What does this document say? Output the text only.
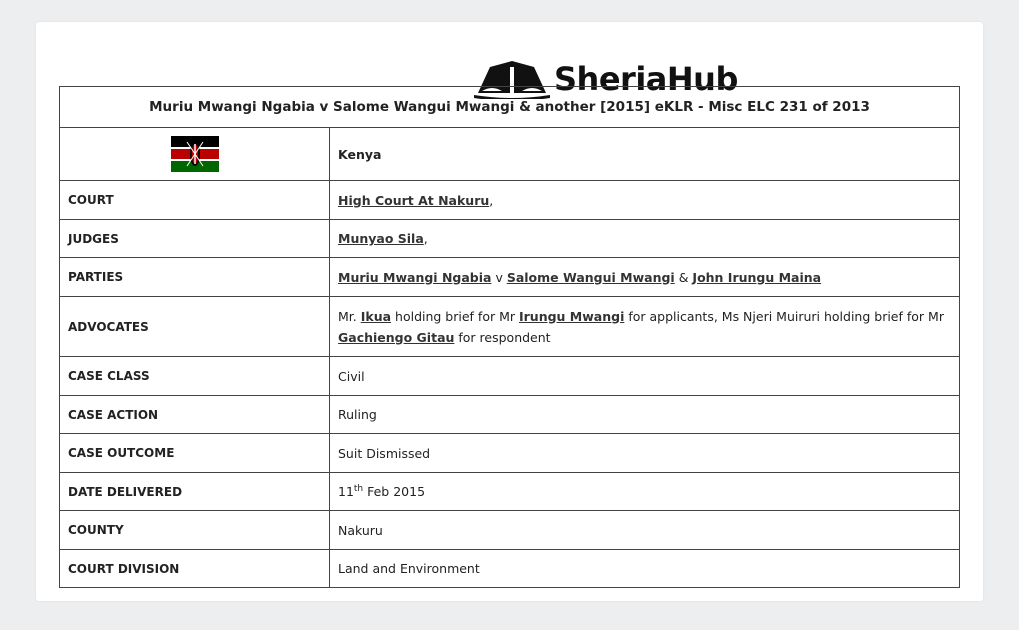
SheriaHub
Muriu Mwangi Ngabia v Salome Wangui Mwangi & another [2015] eKLR - Misc ELC 231 of 2013	

	Kenya
COURT	High Court At Nakuru,
JUDGES	Munyao Sila,
PARTIES	Muriu Mwangi Ngabia v Salome Wangui Mwangi & John Irungu Maina
ADVOCATES	Mr. Ikua holding brief for Mr Irungu Mwangi for applicants, Ms Njeri Muiruri holding brief for Mr
Gachiengo Gitau for respondent

CASE CLASS	Civil
CASE ACTION	Ruling
CASE OUTCOME	Suit Dismissed
DATE DELIVERED	11th Feb 2015
COUNTY	Nakuru
COURT DIVISION	Land and Environment
